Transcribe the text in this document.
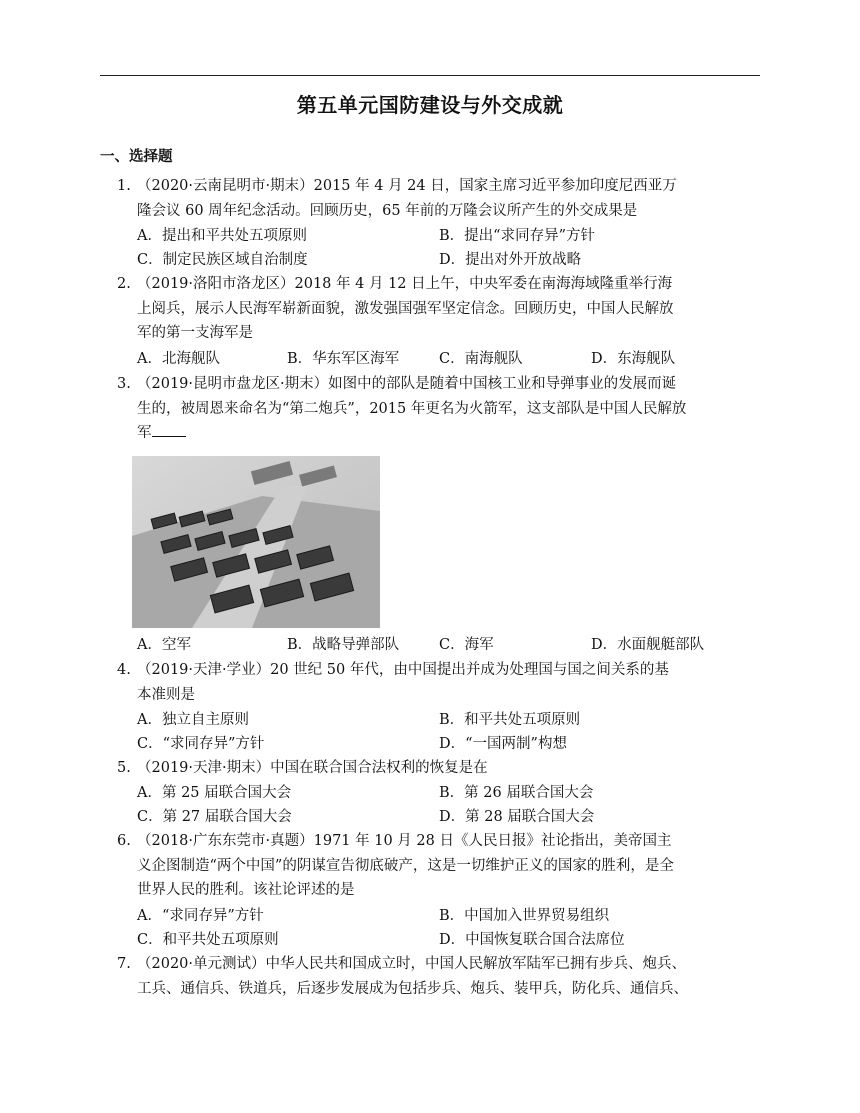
第五单元国防建设与外交成就
一、选择题
1. （2020·云南昆明市·期末）2015 年 4 月 24 日，国家主席习近平参加印度尼西亚万
隆会议 60 周年纪念活动。回顾历史，65 年前的万隆会议所产生的外交成果是
A．提出和平共处五项原则	B．提出“求同存异”方针
C．制定民族区域自治制度	D．提出对外开放战略
2. （2019·洛阳市洛龙区）2018 年 4 月 12 日上午，中央军委在南海海域隆重举行海
上阅兵，展示人民海军崭新面貌，激发强国强军坚定信念。回顾历史，中国人民解放
军的第一支海军是
A．北海舰队	B．华东军区海军	C．南海舰队	D．东海舰队
3. （2019·昆明市盘龙区·期末）如图中的部队是随着中国核工业和导弹事业的发展而诞
生的，被周恩来命名为“第二炮兵”，2015 年更名为火箭军，这支部队是中国人民解放
军
A．空军	B．战略导弹部队	C．海军	D．水面舰艇部队
4. （2019·天津·学业）20 世纪 50 年代，由中国提出并成为处理国与国之间关系的基
本准则是
A．独立自主原则	B．和平共处五项原则
C．“求同存异”方针	D．“一国两制”构想
5. （2019·天津·期末）中国在联合国合法权利的恢复是在
A．第 25 届联合国大会	B．第 26 届联合国大会
C．第 27 届联合国大会	D．第 28 届联合国大会
6. （2018·广东东莞市·真题）1971 年 10 月 28 日《人民日报》社论指出，美帝国主
义企图制造“两个中国”的阴谋宣告彻底破产，这是一切维护正义的国家的胜利，是全
世界人民的胜利。该社论评述的是
A．“求同存异”方针	B．中国加入世界贸易组织
C．和平共处五项原则	D．中国恢复联合国合法席位
7. （2020·单元测试）中华人民共和国成立时，中国人民解放军陆军已拥有步兵、炮兵、
工兵、通信兵、铁道兵，后逐步发展成为包括步兵、炮兵、装甲兵，防化兵、通信兵、
